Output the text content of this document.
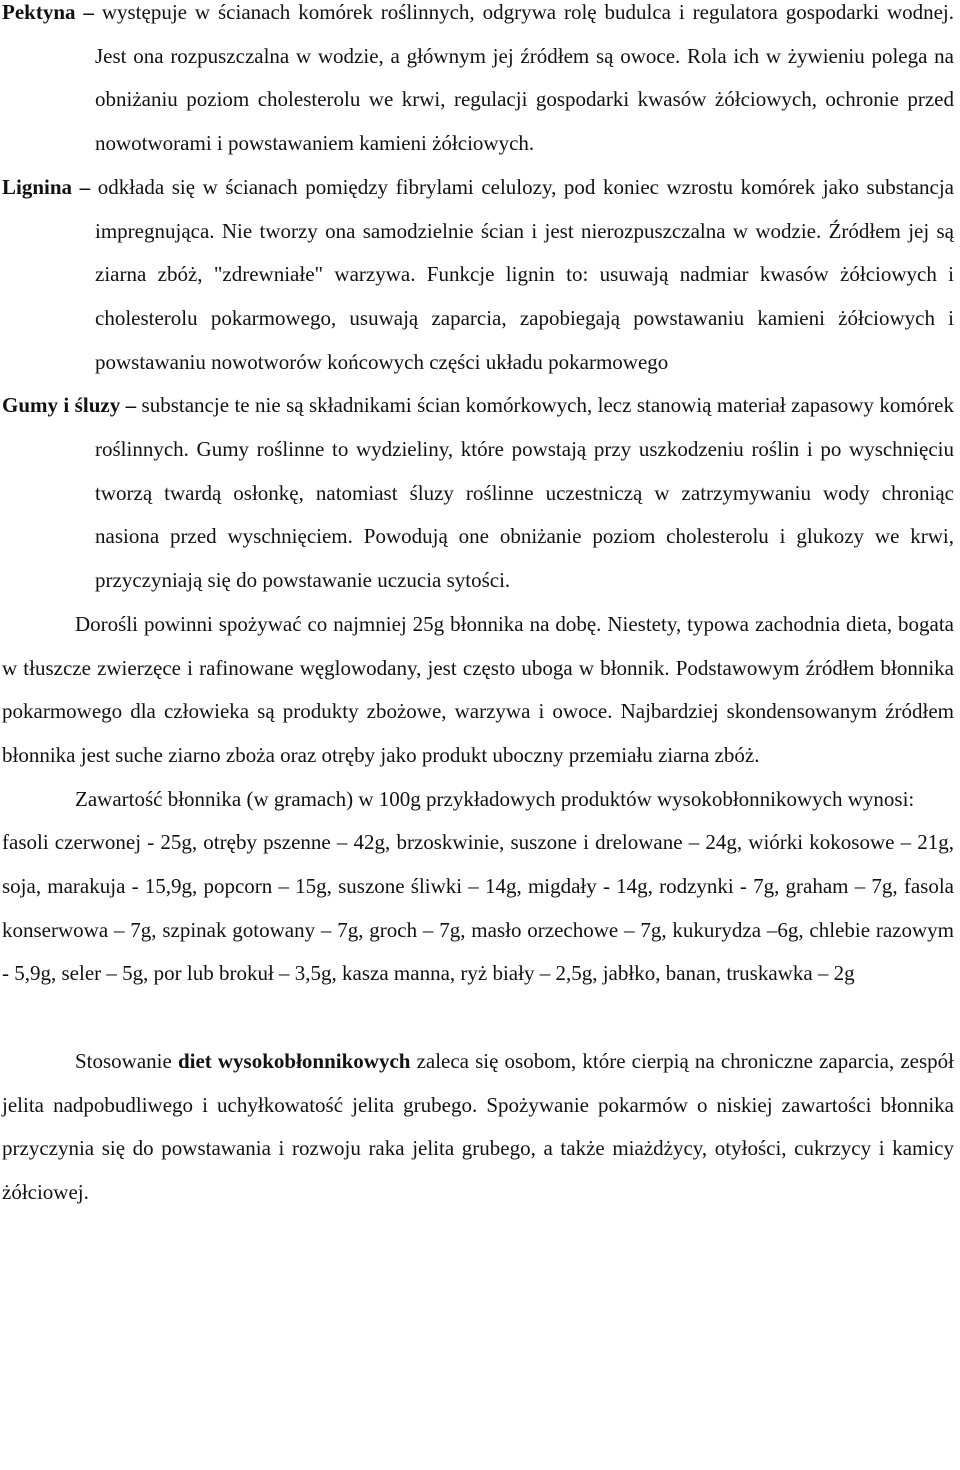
Pektyna – występuje w ścianach komórek roślinnych, odgrywa rolę budulca i regulatora gospodarki wodnej. Jest ona rozpuszczalna w wodzie, a głównym jej źródłem są owoce. Rola ich w żywieniu polega na obniżaniu poziom cholesterolu we krwi, regulacji gospodarki kwasów żółciowych, ochronie przed nowotworami i powstawaniem kamieni żółciowych.

Lignina – odkłada się w ścianach pomiędzy fibrylami celulozy, pod koniec wzrostu komórek jako substancja impregnująca. Nie tworzy ona samodzielnie ścian i jest nierozpuszczalna w wodzie. Źródłem jej są ziarna zbóż, "zdrewniałe" warzywa. Funkcje lignin to: usuwają nadmiar kwasów żółciowych i cholesterolu pokarmowego, usuwają zaparcia, zapobiegają powstawaniu kamieni żółciowych i powstawaniu nowotworów końcowych części układu pokarmowego

Gumy i śluzy – substancje te nie są składnikami ścian komórkowych, lecz stanowią materiał zapasowy komórek roślinnych. Gumy roślinne to wydzieliny, które powstają przy uszkodzeniu roślin i po wyschnięciu tworzą twardą osłonkę, natomiast śluzy roślinne uczestniczą w zatrzymywaniu wody chroniąc nasiona przed wyschnięciem. Powodują one obniżanie poziom cholesterolu i glukozy we krwi, przyczyniają się do powstawanie uczucia sytości.

Dorośli powinni spożywać co najmniej 25g błonnika na dobę. Niestety, typowa zachodnia dieta, bogata w tłuszcze zwierzęce i rafinowane węglowodany, jest często uboga w błonnik. Podstawowym źródłem błonnika pokarmowego dla człowieka są produkty zbożowe, warzywa i owoce. Najbardziej skondensowanym źródłem błonnika jest suche ziarno zboża oraz otręby jako produkt uboczny przemiału ziarna zbóż.

Zawartość błonnika (w gramach) w 100g przykładowych produktów wysokobłonnikowych wynosi:

fasoli czerwonej - 25g, otręby pszenne – 42g, brzoskwinie, suszone i drelowane – 24g, wiórki kokosowe – 21g, soja, marakuja - 15,9g, popcorn – 15g, suszone śliwki – 14g, migdały - 14g, rodzynki - 7g, graham – 7g, fasola konserwowa – 7g, szpinak gotowany – 7g, groch – 7g, masło orzechowe – 7g, kukurydza –6g, chlebie razowym - 5,9g, seler – 5g, por lub brokuł – 3,5g, kasza manna, ryż biały – 2,5g, jabłko, banan, truskawka – 2g

Stosowanie diet wysokobłonnikowych zaleca się osobom, które cierpią na chroniczne zaparcia, zespół jelita nadpobudliwego i uchyłkowatość jelita grubego. Spożywanie pokarmów o niskiej zawartości błonnika przyczynia się do powstawania i rozwoju raka jelita grubego, a także miażdżycy, otyłości, cukrzycy i kamicy żółciowej.
